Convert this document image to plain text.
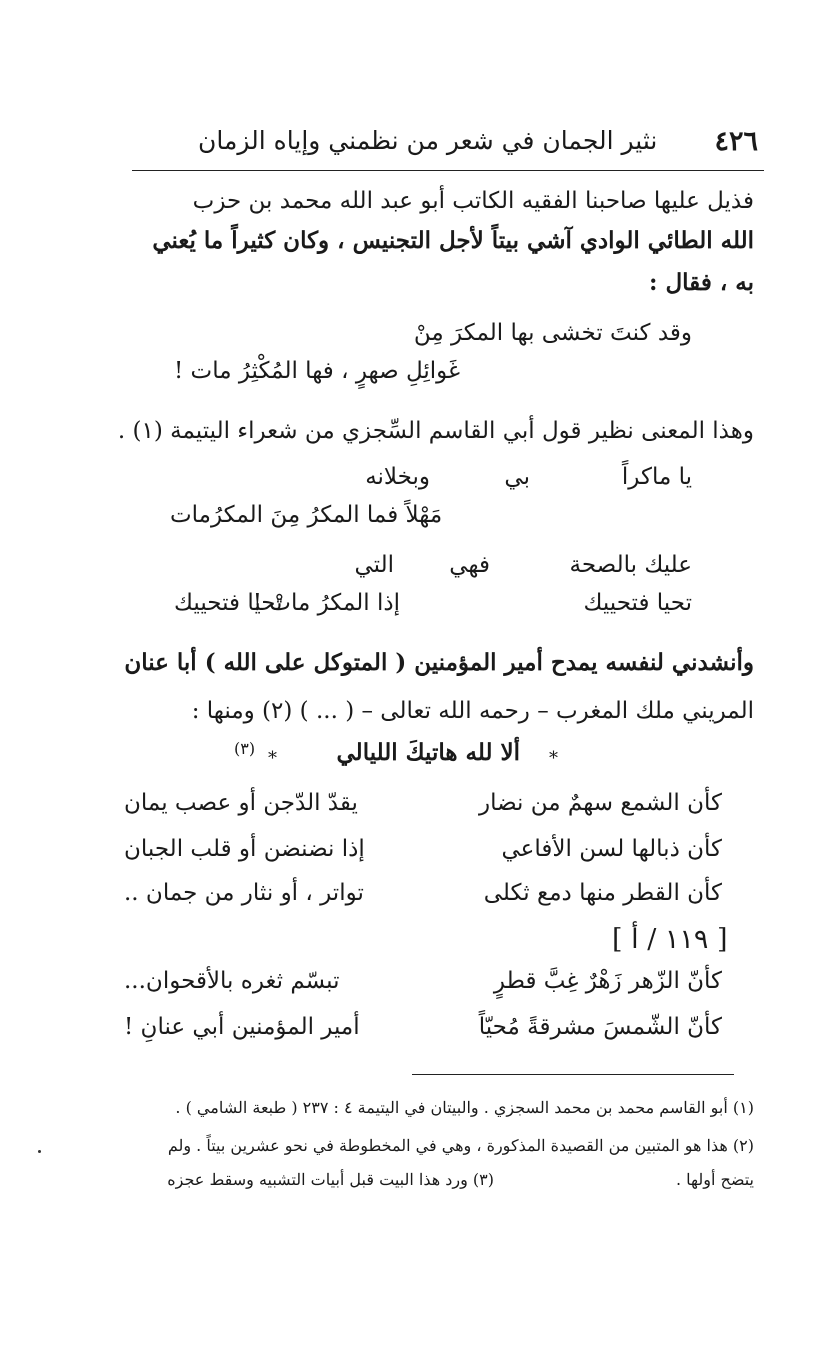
٤٢٦
نثير الجمان في شعر من نظمني وإياه الزمان
فذيل عليها صاحبنا الفقيه الكاتب أبو عبد الله محمد بن حزب
الله الطائي الوادي آشي بيتاً لأجل التجنيس ، وكان كثيراً ما يُعني
به ، فقال :
وقد كنتَ تخشى بها المكرَ مِنْ
غَوائِلِ صهرٍ ، فها المُكْثِرُ مات !
وهذا المعنى نظير قول أبي القاسم السِّجزي من شعراء اليتيمة (١) .
يا ماكراً
بي
وبخلانه
مَهْلاً فما المكرُ مِنَ المكرُمات
عليك بالصحة
فهي
التي
تحيا فتحييك	تحيا فتحييك
إذا المكرُ ماتْ !
وأنشدني لنفسه يمدح أمير المؤمنين ( المتوكل على الله ) أبا عنان
المريني ملك المغرب – رحمه الله تعالى – ( ... ) (٢) ومنها :
*
ألا لله هاتيكَ الليالي
*
(٣)
كأن الشمع سهمٌ من نضار
يقدّ الدّجن أو عصب يمان
كأن ذبالها لسن الأفاعي
إذا نضنضن أو قلب الجبان
كأن القطر منها دمع ثكلى
تواتر ، أو نثار من جمان ..
[ ١١٩ / أ ]
كأنّ الزّهر زَهْرٌ غِبَّ قطرٍ
تبسّم ثغره بالأقحوان...
كأنّ الشّمسَ مشرقةً مُحيّاً
أمير المؤمنين أبي عنانِ !
(١) أبو القاسم محمد بن محمد السجزي . والبيتان في اليتيمة ٤ : ٢٣٧ ( طبعة الشامي ) .
(٢) هذا هو المتبين من القصيدة المذكورة ، وهي في المخطوطة في نحو عشرين بيتاً . ولم
يتضح أولها .
(٣) ورد هذا البيت قبل أبيات التشبيه وسقط عجزه
